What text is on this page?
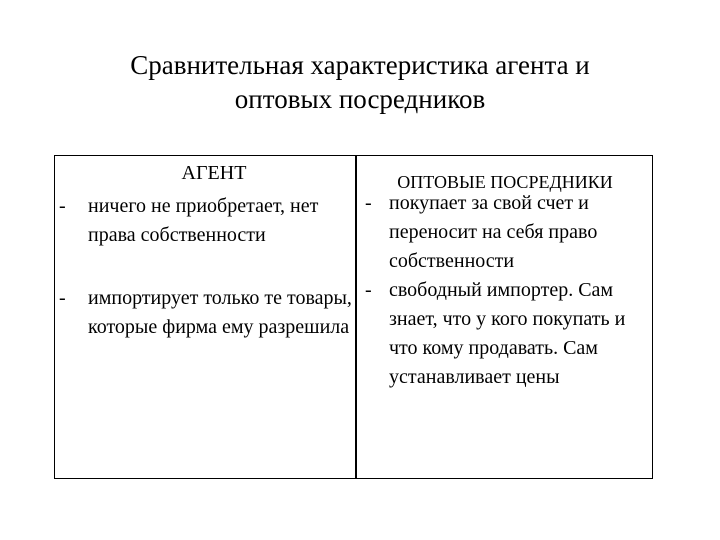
Сравнительная характеристика агента и
оптовых посредников
АГЕНТ
- ничего не приобретает, нет права собственности
- импортирует только те товары, которые фирма ему разрешила
ОПТОВЫЕ ПОСРЕДНИКИ
- покупает за свой счет и переносит на себя право собственности
- свободный импортер. Сам знает, что у кого покупать и что кому продавать. Сам устанавливает цены
